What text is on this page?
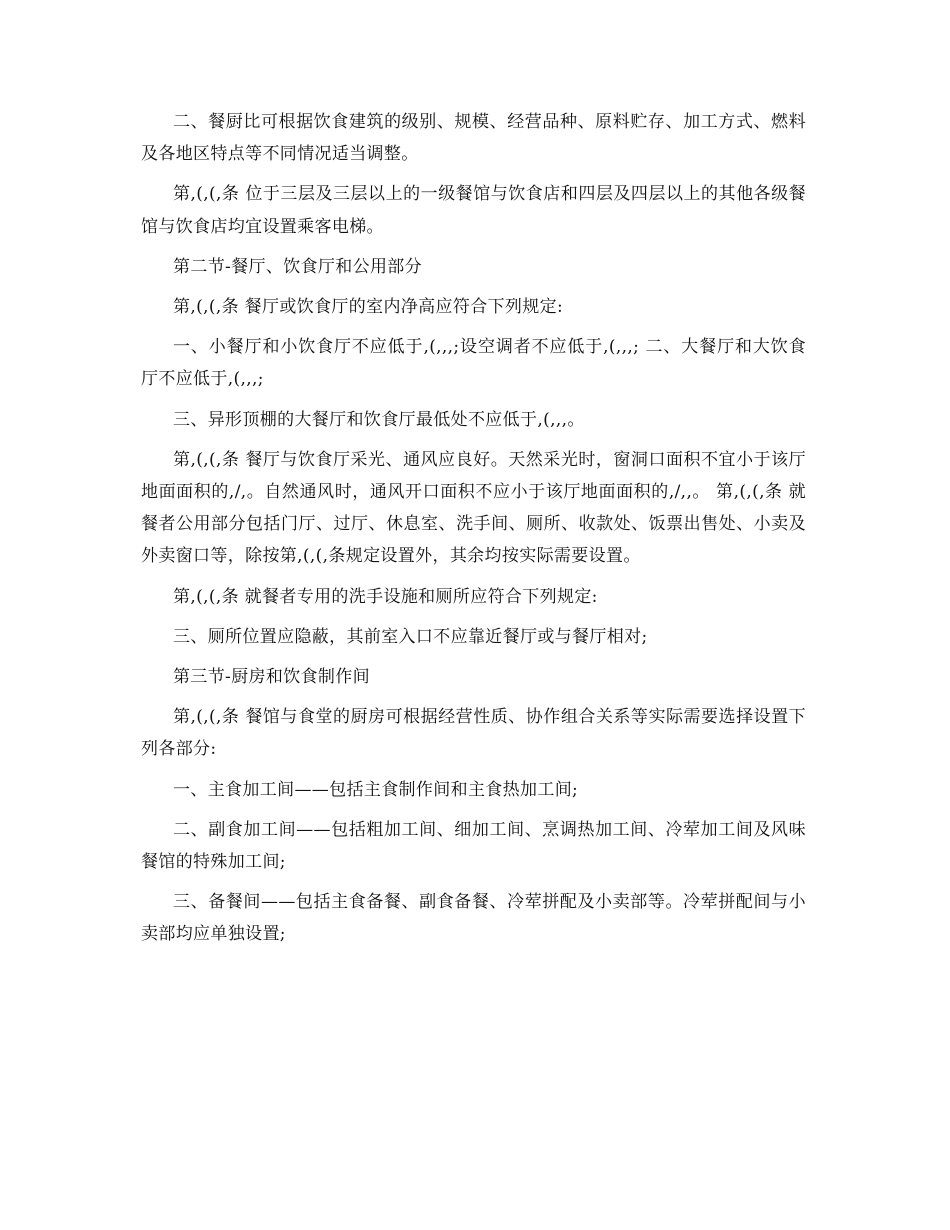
二、餐厨比可根据饮食建筑的级别、规模、经营品种、原料贮存、加工方式、燃料及各地区特点等不同情况适当调整。

第,(,(,条 位于三层及三层以上的一级餐馆与饮食店和四层及四层以上的其他各级餐馆与饮食店均宜设置乘客电梯。

第二节-餐厅、饮食厅和公用部分

第,(,(,条 餐厅或饮食厅的室内净高应符合下列规定:

一、小餐厅和小饮食厅不应低于,(,,,;设空调者不应低于,(,,,; 二、大餐厅和大饮食厅不应低于,(,,,;

三、异形顶棚的大餐厅和饮食厅最低处不应低于,(,,,。

第,(,(,条 餐厅与饮食厅采光、通风应良好。天然采光时，窗洞口面积不宜小于该厅地面面积的,/,。自然通风时，通风开口面积不应小于该厅地面面积的,/,,。 第,(,(,条 就餐者公用部分包括门厅、过厅、休息室、洗手间、厕所、收款处、饭票出售处、小卖及外卖窗口等，除按第,(,(,条规定设置外，其余均按实际需要设置。

第,(,(,条 就餐者专用的洗手设施和厕所应符合下列规定:

三、厕所位置应隐蔽，其前室入口不应靠近餐厅或与餐厅相对;

第三节-厨房和饮食制作间

第,(,(,条 餐馆与食堂的厨房可根据经营性质、协作组合关系等实际需要选择设置下列各部分:

一、主食加工间——包括主食制作间和主食热加工间;

二、副食加工间——包括粗加工间、细加工间、烹调热加工间、冷荤加工间及风味餐馆的特殊加工间;

三、备餐间——包括主食备餐、副食备餐、冷荤拼配及小卖部等。冷荤拼配间与小卖部均应单独设置;
